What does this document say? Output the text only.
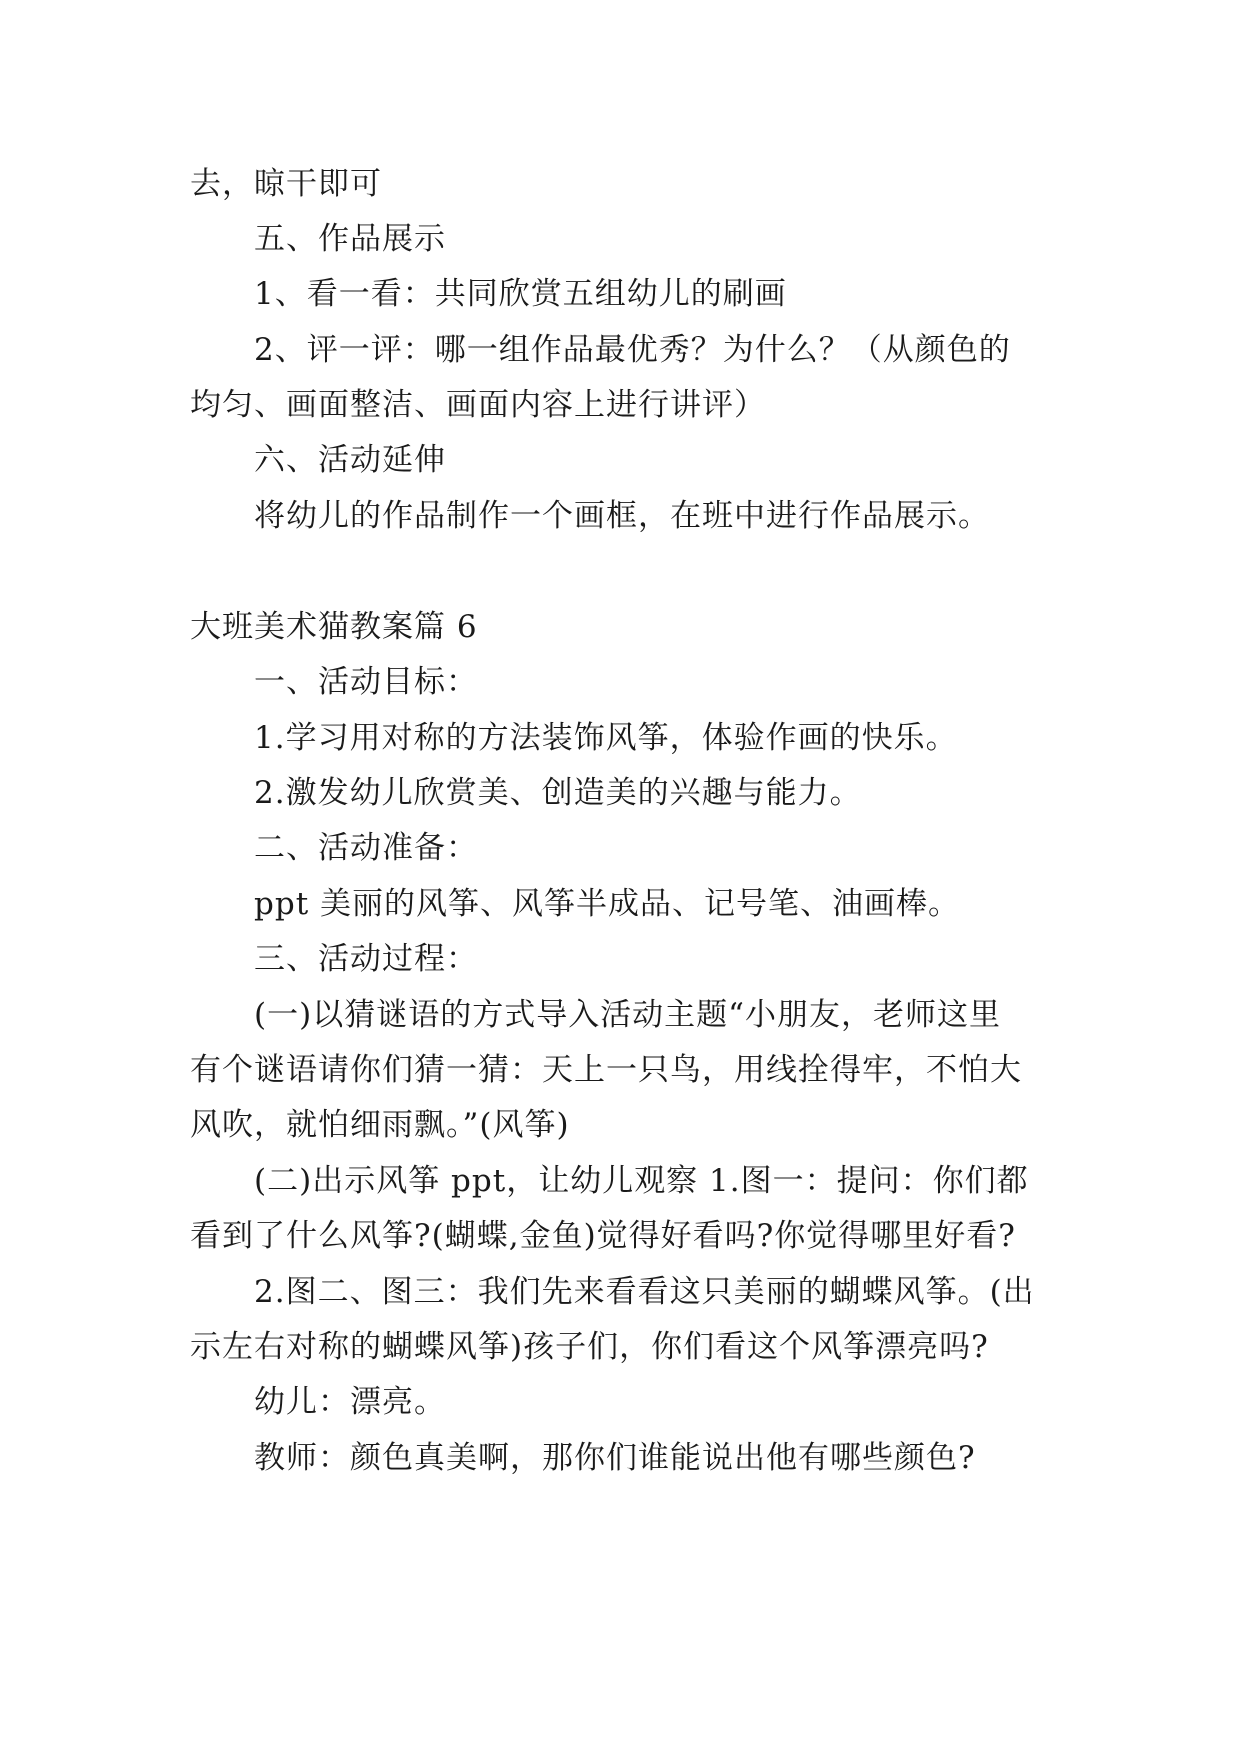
去，晾干即可
五、作品展示
1、看一看：共同欣赏五组幼儿的刷画
2、评一评：哪一组作品最优秀？为什么？（从颜色的
均匀、画面整洁、画面内容上进行讲评）
六、活动延伸
将幼儿的作品制作一个画框，在班中进行作品展示。
大班美术猫教案篇 6
一、活动目标：
1.学习用对称的方法装饰风筝，体验作画的快乐。
2.激发幼儿欣赏美、创造美的兴趣与能力。
二、活动准备：
ppt 美丽的风筝、风筝半成品、记号笔、油画棒。
三、活动过程：
(一)以猜谜语的方式导入活动主题“小朋友，老师这里
有个谜语请你们猜一猜：天上一只鸟，用线拴得牢，不怕大
风吹，就怕细雨飘。”(风筝)
(二)出示风筝 ppt，让幼儿观察 1.图一：提问：你们都
看到了什么风筝?(蝴蝶,金鱼)觉得好看吗?你觉得哪里好看?
2.图二、图三：我们先来看看这只美丽的蝴蝶风筝。(出
示左右对称的蝴蝶风筝)孩子们，你们看这个风筝漂亮吗?
幼儿：漂亮。
教师：颜色真美啊，那你们谁能说出他有哪些颜色?
